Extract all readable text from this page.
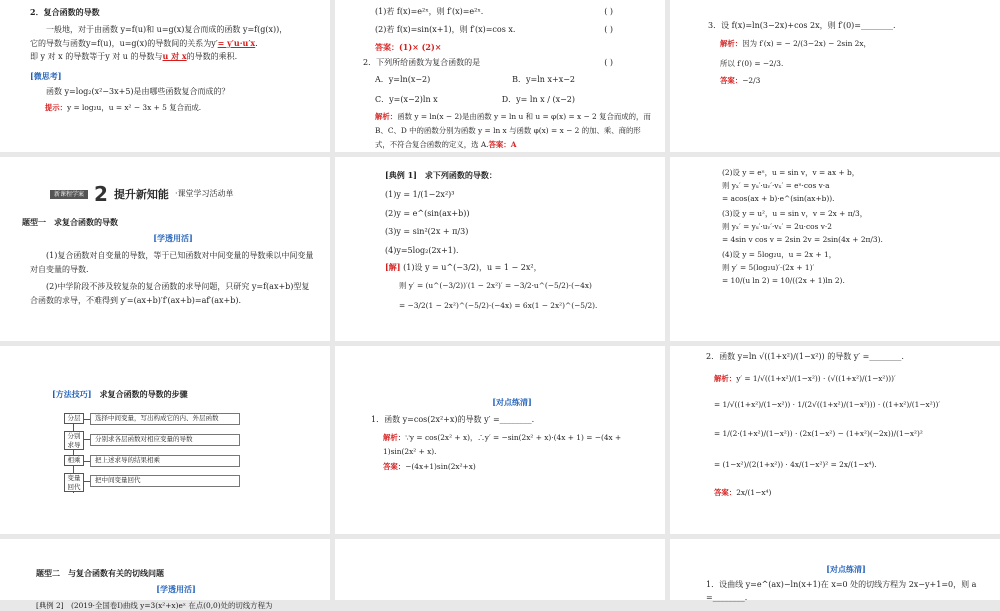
2．复合函数的导数
一般地，对于由函数 y=f(u)和 u=g(x)复合而成的函数 y=f(g(x))，
它的导数与函数y=f(u)，u=g(x)的导数间的关系为y′= y′u·u′x.
即 y 对 x 的导数等于y 对 u 的导数与u 对 x的导数的乘积.
[微思考]
函数 y=log₂(x²−3x+5)是由哪些函数复合而成的？
提示：y = log₂u，u = x² − 3x + 5 复合而成.
(1)若 f(x)=e²ˣ，则 f′(x)=e²ˣ.	( )
(2)若 f(x)=sin(x+1)，则 f′(x)=cos x.	( )
答案：(1)× (2)×
2．下列所给函数为复合函数的是	( )
A．y=ln(x−2)	B．y=ln x+x−2
C．y=(x−2)ln x	D．y= ln x / (x−2)
解析：函数 y = ln(x − 2)是由函数 y = ln u 和 u = φ(x) = x − 2 复合而成的，而 B、C、D 中的函数分别为函数 y = ln x 与函数 φ(x) = x − 2 的加、乘、商的形式，不符合复合函数的定义，选 A.答案：A
3．设 f(x)=ln(3−2x)+cos 2x，则 f′(0)=________.
解析：因为 f′(x) = − 2/(3−2x) − 2sin 2x，
所以 f′(0) = −2/3.
答案：−2/3
新课程学案 2 提升新知能 ·课堂学习活动单
题型一　求复合函数的导数
[学透用活]
(1)复合函数对自变量的导数，等于已知函数对中间变量的导数乘以中间变量对自变量的导数.
(2)中学阶段不涉及较复杂的复合函数的求导问题，只研究 y=f(ax+b)型复合函数的求导，不难得到 y′=(ax+b)′f′(ax+b)=af′(ax+b).
[典例 1]　求下列函数的导数：
(1)y = 1/(1−2x²)³
(2)y = e^(sin(ax+b))
(3)y = sin²(2x + π/3)
(4)y=5log₂(2x+1).
[解] (1)设 y = u^(−3/2)，u = 1 − 2x²，
则 y′ = (u^(−3/2))′(1 − 2x²)′ = −3/2·u^(−5/2)·(−4x)
= −3/2(1 − 2x²)^(−5/2)·(−4x) = 6x(1 − 2x²)^(−5/2).
(2)设 y = eᵘ，u = sin v，v = ax + b，
则 yₓ′ = yᵤ′·uᵥ′·vₓ′ = eᵘ·cos v·a
= acos(ax + b)·e^(sin(ax+b)).
(3)设 y = u²，u = sin v，v = 2x + π/3，
则 yₓ′ = yᵤ′·uᵥ′·vₓ′ = 2u·cos v·2
= 4sin v cos v = 2sin 2v = 2sin(4x + 2π/3).
(4)设 y = 5log₂u，u = 2x + 1，
则 y′ = 5(log₂u)′·(2x + 1)′
= 10/(u ln 2) = 10/((2x + 1)ln 2).
[方法技巧]　 求复合函数的导数的步骤
分层	选择中间变量，写出构成它的内、外层函数
分别求导
分别求各层函数对相应变量的导数
相乘	把上述求导的结果相乘
变量回代
把中间变量回代
[对点练清]
1．函数 y=cos(2x²+x)的导数 y′ =________.
解析：∵y = cos(2x² + x)，∴y′ = −sin(2x² + x)·(4x + 1) = −(4x + 1)sin(2x² + x).
答案：−(4x+1)sin(2x²+x)
2．函数 y=ln √((1+x²)/(1−x²)) 的导数 y′ =________.
解析：y′ = 1/√((1+x²)/(1−x²)) · (√((1+x²)/(1−x²)))′
= 1/√((1+x²)/(1−x²)) · 1/(2√((1+x²)/(1−x²))) · ((1+x²)/(1−x²))′
= 1/(2·(1+x²)/(1−x²)) · (2x(1−x²) − (1+x²)(−2x))/(1−x²)²
= (1−x²)/(2(1+x²)) · 4x/(1−x²)² = 2x/(1−x⁴).
答案：2x/(1−x⁴)
题型二　与复合函数有关的切线问题
[学透用活]
[典例 2]　(2019·全国卷Ⅰ)曲线 y=3(x²+x)eˣ 在点(0,0)处的切线方程为
[对点练清]
1．设曲线 y=e^(ax)−ln(x+1)在 x=0 处的切线方程为 2x−y+1=0，则 a
=________.
